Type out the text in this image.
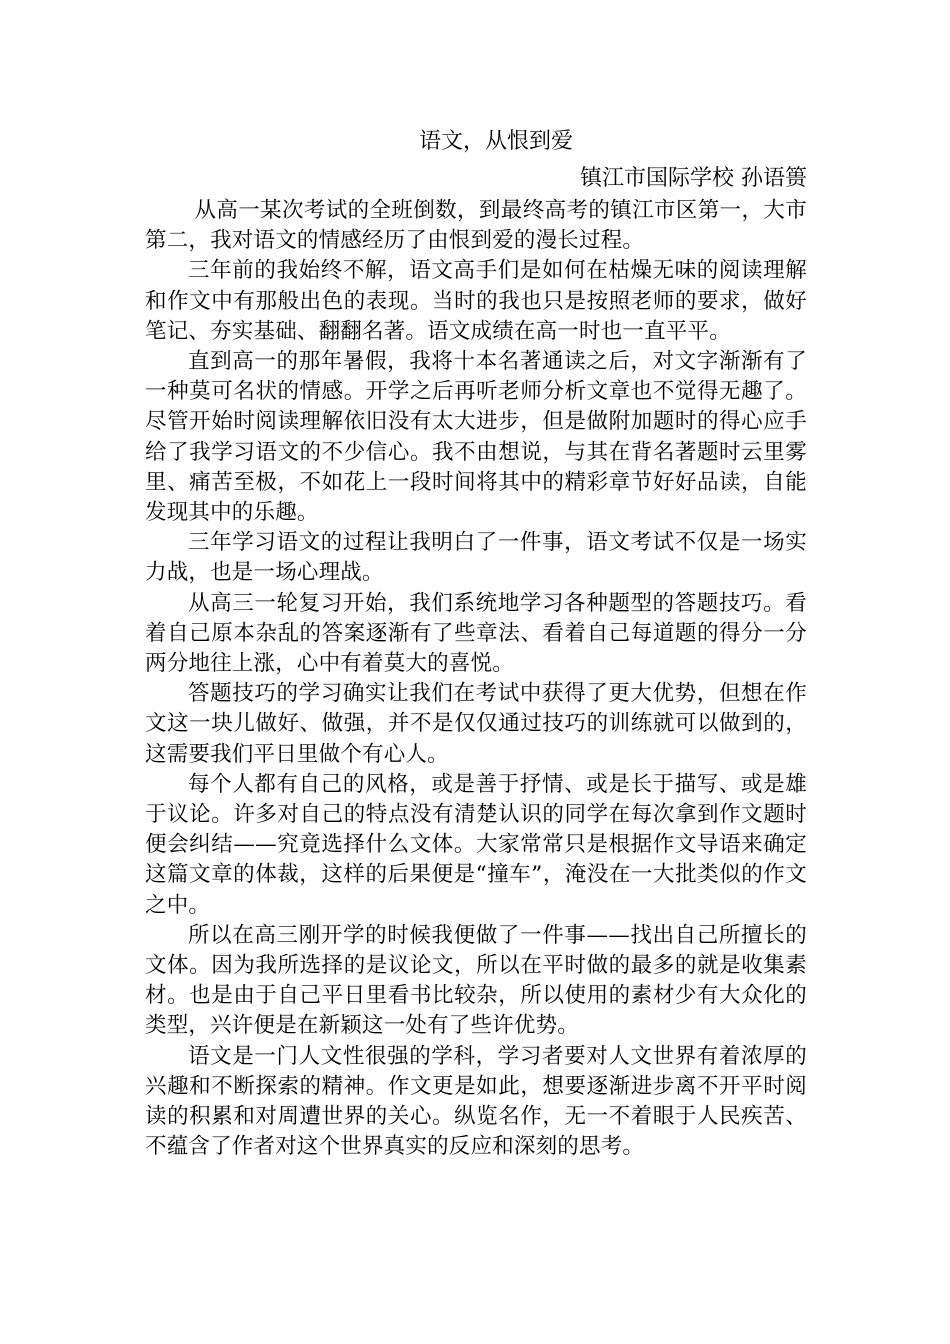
语文，从恨到爱
镇江市国际学校 孙语篑

从高一某次考试的全班倒数，到最终高考的镇江市区第一，大市第二，我对语文的情感经历了由恨到爱的漫长过程。

三年前的我始终不解，语文高手们是如何在枯燥无味的阅读理解和作文中有那般出色的表现。当时的我也只是按照老师的要求，做好笔记、夯实基础、翻翻名著。语文成绩在高一时也一直平平。

直到高一的那年暑假，我将十本名著通读之后，对文字渐渐有了一种莫可名状的情感。开学之后再听老师分析文章也不觉得无趣了。尽管开始时阅读理解依旧没有太大进步，但是做附加题时的得心应手给了我学习语文的不少信心。我不由想说，与其在背名著题时云里雾里、痛苦至极，不如花上一段时间将其中的精彩章节好好品读，自能发现其中的乐趣。

三年学习语文的过程让我明白了一件事，语文考试不仅是一场实力战，也是一场心理战。

从高三一轮复习开始，我们系统地学习各种题型的答题技巧。看着自己原本杂乱的答案逐渐有了些章法、看着自己每道题的得分一分两分地往上涨，心中有着莫大的喜悦。

答题技巧的学习确实让我们在考试中获得了更大优势，但想在作文这一块儿做好、做强，并不是仅仅通过技巧的训练就可以做到的，这需要我们平日里做个有心人。

每个人都有自己的风格，或是善于抒情、或是长于描写、或是雄于议论。许多对自己的特点没有清楚认识的同学在每次拿到作文题时便会纠结——究竟选择什么文体。大家常常只是根据作文导语来确定这篇文章的体裁，这样的后果便是“撞车”，淹没在一大批类似的作文之中。

所以在高三刚开学的时候我便做了一件事——找出自己所擅长的文体。因为我所选择的是议论文，所以在平时做的最多的就是收集素材。也是由于自己平日里看书比较杂，所以使用的素材少有大众化的类型，兴许便是在新颖这一处有了些许优势。

语文是一门人文性很强的学科，学习者要对人文世界有着浓厚的兴趣和不断探索的精神。作文更是如此，想要逐渐进步离不开平时阅读的积累和对周遭世界的关心。纵览名作，无一不着眼于人民疾苦、不蕴含了作者对这个世界真实的反应和深刻的思考。
